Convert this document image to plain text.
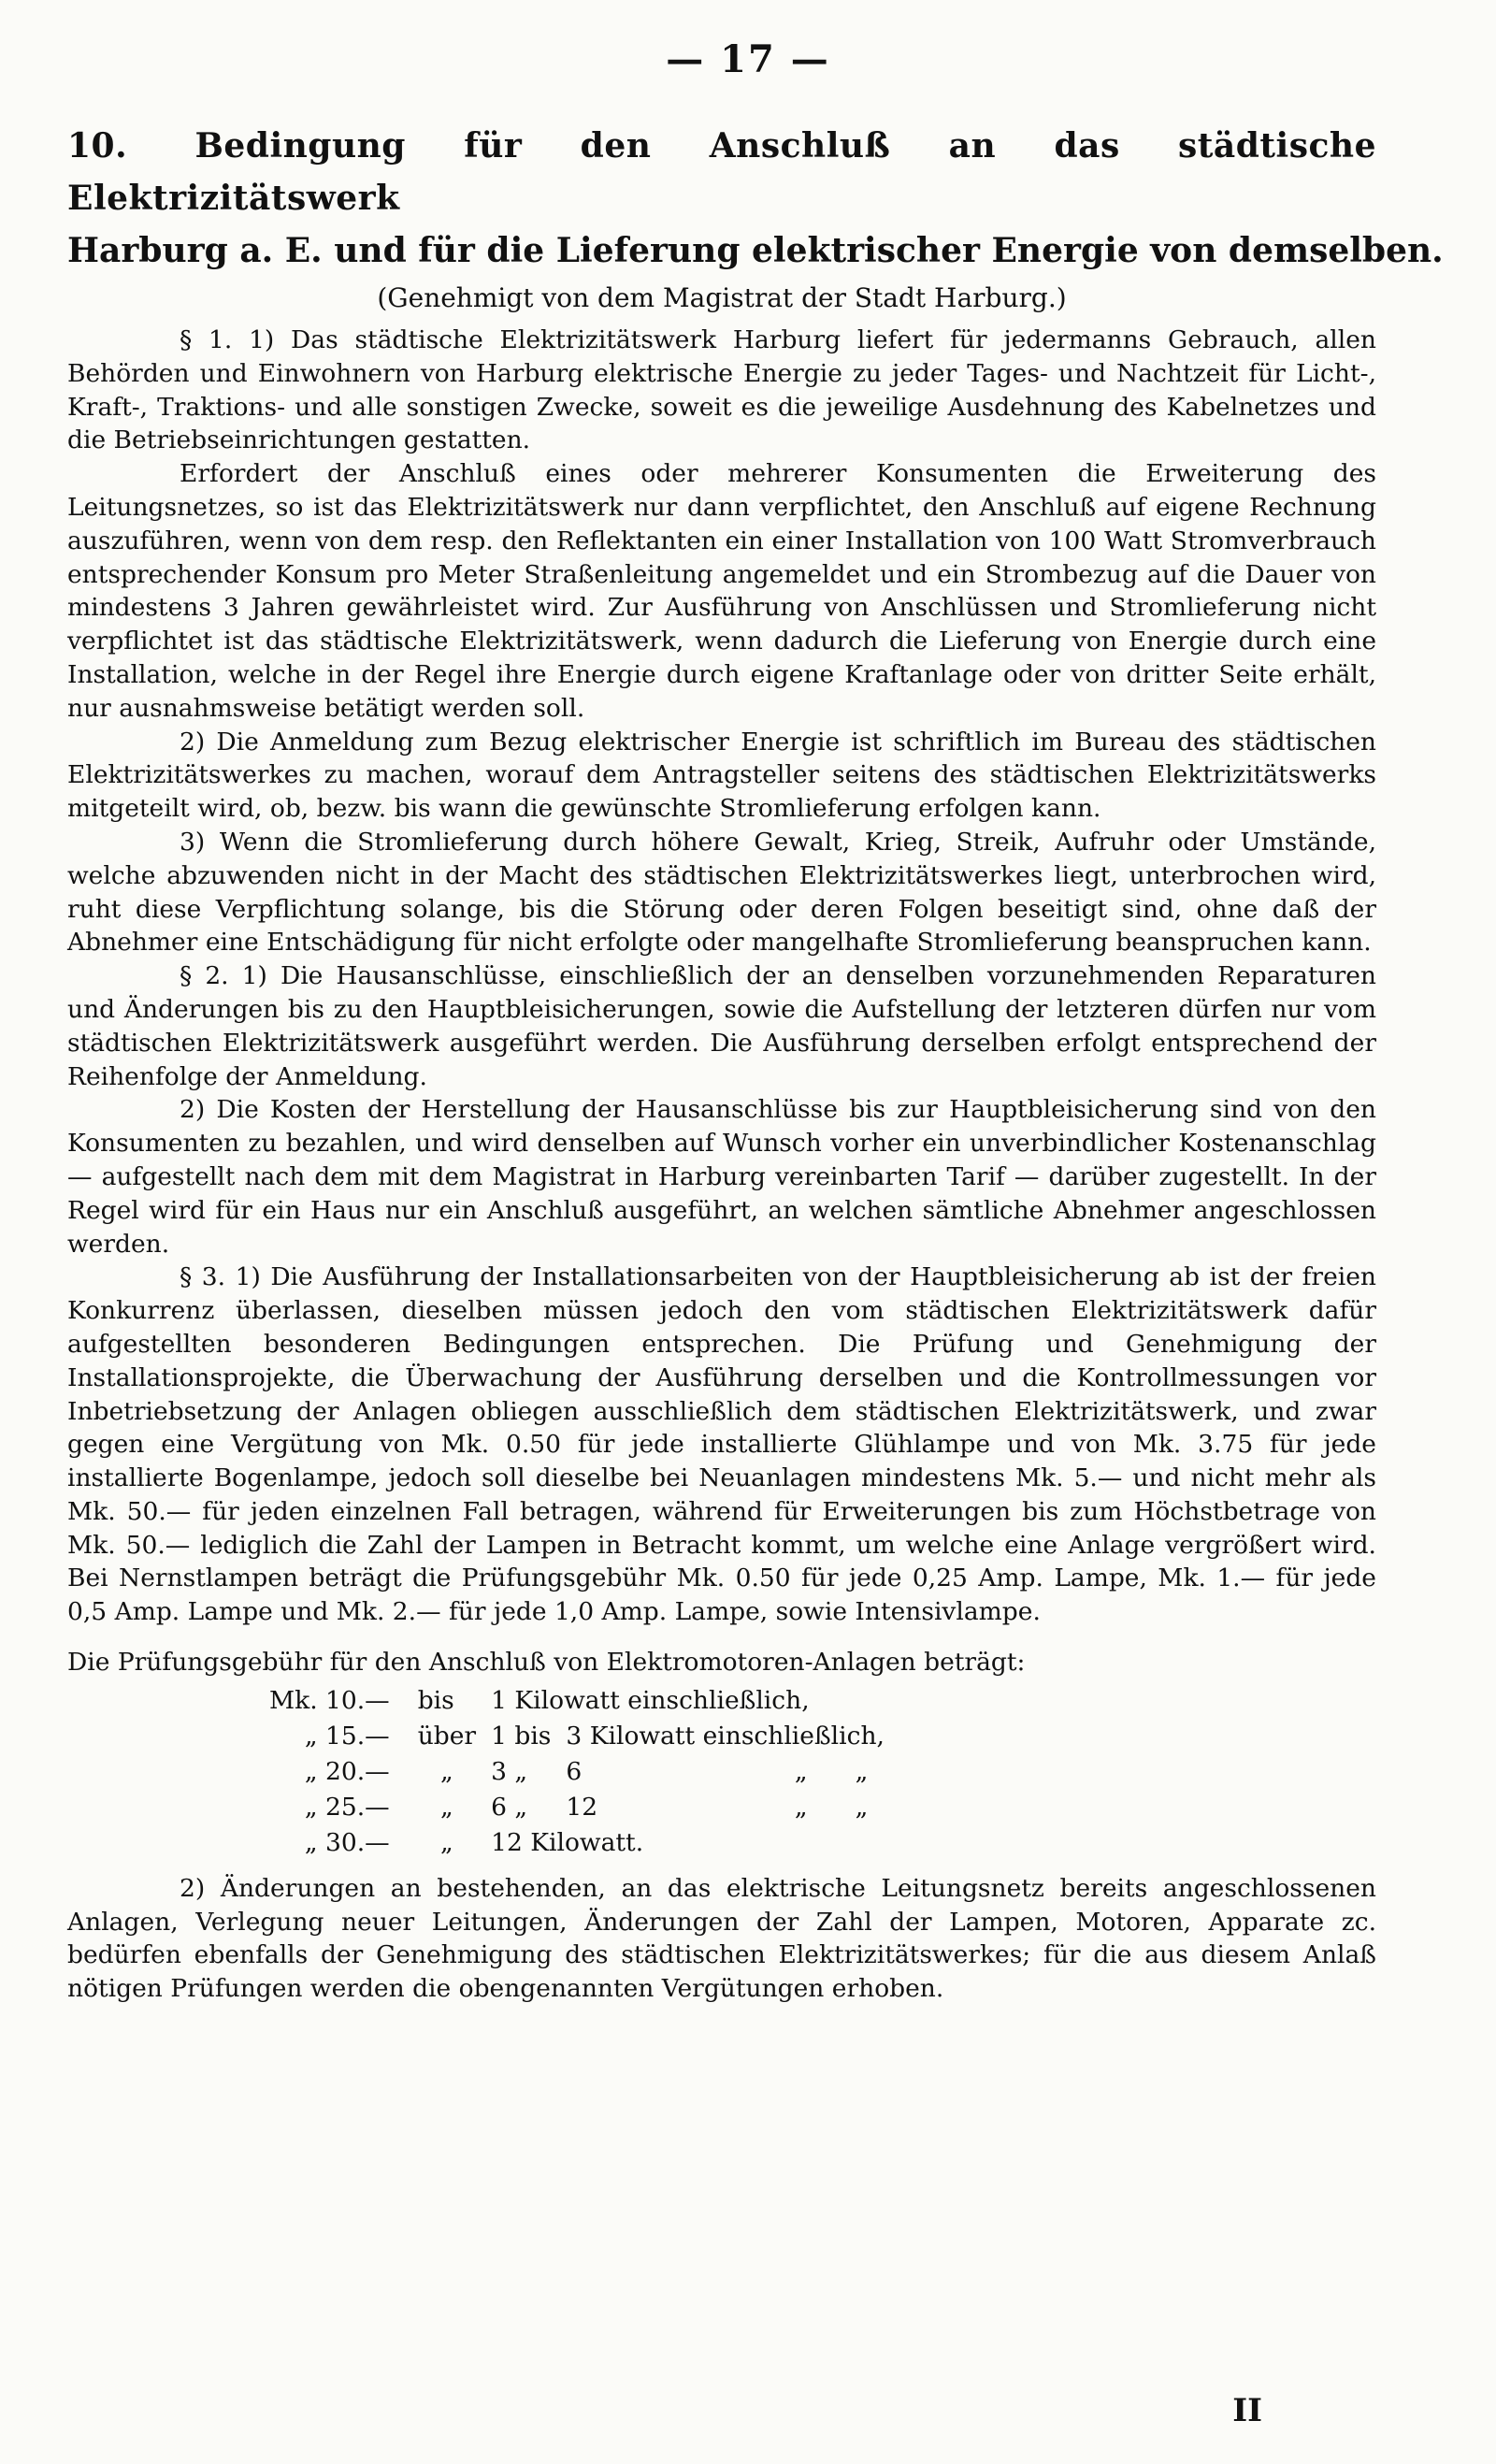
— 17 —
10. Bedingung für den Anschluß an das städtische Elektrizitätswerk
Harburg a. E. und für die Lieferung elektrischer Energie von demselben.
(Genehmigt von dem Magistrat der Stadt Harburg.)

§ 1. 1) Das städtische Elektrizitätswerk Harburg liefert für jedermanns Gebrauch, allen Behörden und Einwohnern von Harburg elektrische Energie zu jeder Tages- und Nachtzeit für Licht-, Kraft-, Traktions- und alle sonstigen Zwecke, soweit es die jeweilige Ausdehnung des Kabelnetzes und die Betriebseinrichtungen gestatten.

Erfordert der Anschluß eines oder mehrerer Konsumenten die Erweiterung des Leitungsnetzes, so ist das Elektrizitätswerk nur dann verpflichtet, den Anschluß auf eigene Rechnung auszuführen, wenn von dem resp. den Reflektanten ein einer Installation von 100 Watt Stromverbrauch entsprechender Konsum pro Meter Straßenleitung angemeldet und ein Strombezug auf die Dauer von mindestens 3 Jahren gewährleistet wird. Zur Ausführung von Anschlüssen und Stromlieferung nicht verpflichtet ist das städtische Elektrizitätswerk, wenn dadurch die Lieferung von Energie durch eine Installation, welche in der Regel ihre Energie durch eigene Kraftanlage oder von dritter Seite erhält, nur ausnahmsweise betätigt werden soll.

2) Die Anmeldung zum Bezug elektrischer Energie ist schriftlich im Bureau des städtischen Elektrizitätswerkes zu machen, worauf dem Antragsteller seitens des städtischen Elektrizitätswerks mitgeteilt wird, ob, bezw. bis wann die gewünschte Stromlieferung erfolgen kann.

3) Wenn die Stromlieferung durch höhere Gewalt, Krieg, Streik, Aufruhr oder Umstände, welche abzuwenden nicht in der Macht des städtischen Elektrizitätswerkes liegt, unterbrochen wird, ruht diese Verpflichtung solange, bis die Störung oder deren Folgen beseitigt sind, ohne daß der Abnehmer eine Entschädigung für nicht erfolgte oder mangelhafte Stromlieferung beanspruchen kann.

§ 2. 1) Die Hausanschlüsse, einschließlich der an denselben vorzunehmenden Reparaturen und Änderungen bis zu den Hauptbleisicherungen, sowie die Aufstellung der letzteren dürfen nur vom städtischen Elektrizitätswerk ausgeführt werden. Die Ausführung derselben erfolgt entsprechend der Reihenfolge der Anmeldung.

2) Die Kosten der Herstellung der Hausanschlüsse bis zur Hauptbleisicherung sind von den Konsumenten zu bezahlen, und wird denselben auf Wunsch vorher ein unverbindlicher Kostenanschlag — aufgestellt nach dem mit dem Magistrat in Harburg vereinbarten Tarif — darüber zugestellt. In der Regel wird für ein Haus nur ein Anschluß ausgeführt, an welchen sämtliche Abnehmer angeschlossen werden.

§ 3. 1) Die Ausführung der Installationsarbeiten von der Hauptbleisicherung ab ist der freien Konkurrenz überlassen, dieselben müssen jedoch den vom städtischen Elektrizitätswerk dafür aufgestellten besonderen Bedingungen entsprechen. Die Prüfung und Genehmigung der Installationsprojekte, die Überwachung der Ausführung derselben und die Kontrollmessungen vor Inbetriebsetzung der Anlagen obliegen ausschließlich dem städtischen Elektrizitätswerk, und zwar gegen eine Vergütung von Mk. 0.50 für jede installierte Glühlampe und von Mk. 3.75 für jede installierte Bogenlampe, jedoch soll dieselbe bei Neuanlagen mindestens Mk. 5.— und nicht mehr als Mk. 50.— für jeden einzelnen Fall betragen, während für Erweiterungen bis zum Höchstbetrage von Mk. 50.— lediglich die Zahl der Lampen in Betracht kommt, um welche eine Anlage vergrößert wird. Bei Nernstlampen beträgt die Prüfungsgebühr Mk. 0.50 für jede 0,25 Amp. Lampe, Mk. 1.— für jede 0,5 Amp. Lampe und Mk. 2.— für jede 1,0 Amp. Lampe, sowie Intensivlampe.

Die Prüfungsgebühr für den Anschluß von Elektromotoren-Anlagen beträgt:

Mk. 10.—	bis	1 Kilowatt einschließlich,			
„ 15.—	über	1 bis	3 Kilowatt einschließlich,		
„ 20.—	„	3 „	6	„	„
„ 25.—	„	6 „	12	„	„
„ 30.—	„	12 Kilowatt.			

2) Änderungen an bestehenden, an das elektrische Leitungsnetz bereits angeschlossenen Anlagen, Verlegung neuer Leitungen, Änderungen der Zahl der Lampen, Motoren, Apparate zc. bedürfen ebenfalls der Genehmigung des städtischen Elektrizitätswerkes; für die aus diesem Anlaß nötigen Prüfungen werden die obengenannten Vergütungen erhoben.

II
